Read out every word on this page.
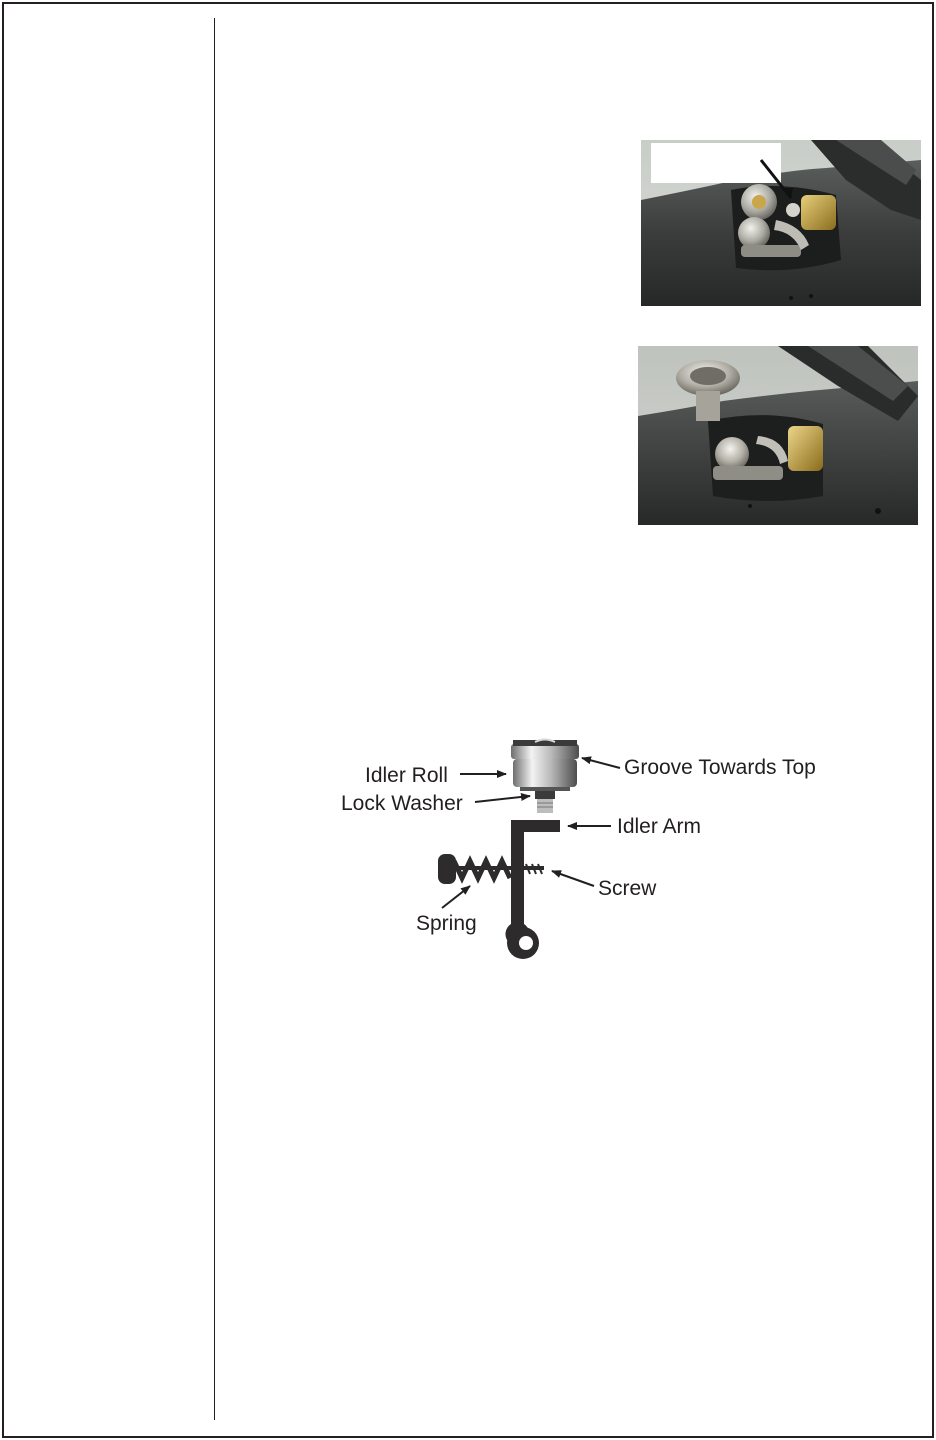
F
Idler Roll
Lock Washer
Groove Towards Top
Idler Arm
Screw
Spring
